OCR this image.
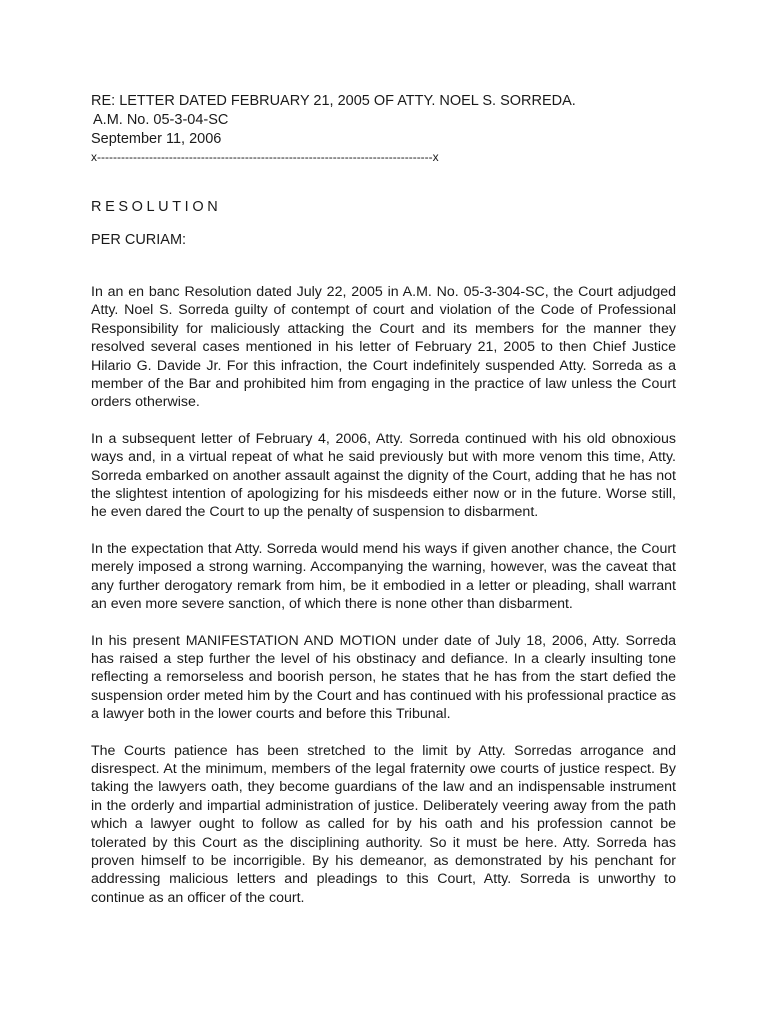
RE: LETTER DATED FEBRUARY 21, 2005 OF ATTY. NOEL S. SORREDA.
A.M. No. 05-3-04-SC
September 11, 2006
x------------------------------------------------------------------------------------x
RESOLUTION
PER CURIAM:

In an en banc Resolution dated July 22, 2005 in A.M. No. 05-3-304-SC, the Court adjudged Atty. Noel S. Sorreda guilty of contempt of court and violation of the Code of Professional Responsibility for maliciously attacking the Court and its members for the manner they resolved several cases mentioned in his letter of February 21, 2005 to then Chief Justice Hilario G. Davide Jr. For this infraction, the Court indefinitely suspended Atty. Sorreda as a member of the Bar and prohibited him from engaging in the practice of law unless the Court orders otherwise.

In a subsequent letter of February 4, 2006, Atty. Sorreda continued with his old obnoxious ways and, in a virtual repeat of what he said previously but with more venom this time, Atty. Sorreda embarked on another assault against the dignity of the Court, adding that he has not the slightest intention of apologizing for his misdeeds either now or in the future. Worse still, he even dared the Court to up the penalty of suspension to disbarment.

In the expectation that Atty. Sorreda would mend his ways if given another chance, the Court merely imposed a strong warning. Accompanying the warning, however, was the caveat that any further derogatory remark from him, be it embodied in a letter or pleading, shall warrant an even more severe sanction, of which there is none other than disbarment.

In his present MANIFESTATION AND MOTION under date of July 18, 2006, Atty. Sorreda has raised a step further the level of his obstinacy and defiance. In a clearly insulting tone reflecting a remorseless and boorish person, he states that he has from the start defied the suspension order meted him by the Court and has continued with his professional practice as a lawyer both in the lower courts and before this Tribunal.

The Courts patience has been stretched to the limit by Atty. Sorredas arrogance and disrespect. At the minimum, members of the legal fraternity owe courts of justice respect. By taking the lawyers oath, they become guardians of the law and an indispensable instrument in the orderly and impartial administration of justice. Deliberately veering away from the path which a lawyer ought to follow as called for by his oath and his profession cannot be tolerated by this Court as the disciplining authority. So it must be here. Atty. Sorreda has proven himself to be incorrigible. By his demeanor, as demonstrated by his penchant for addressing malicious letters and pleadings to this Court, Atty. Sorreda is unworthy to continue as an officer of the court.
